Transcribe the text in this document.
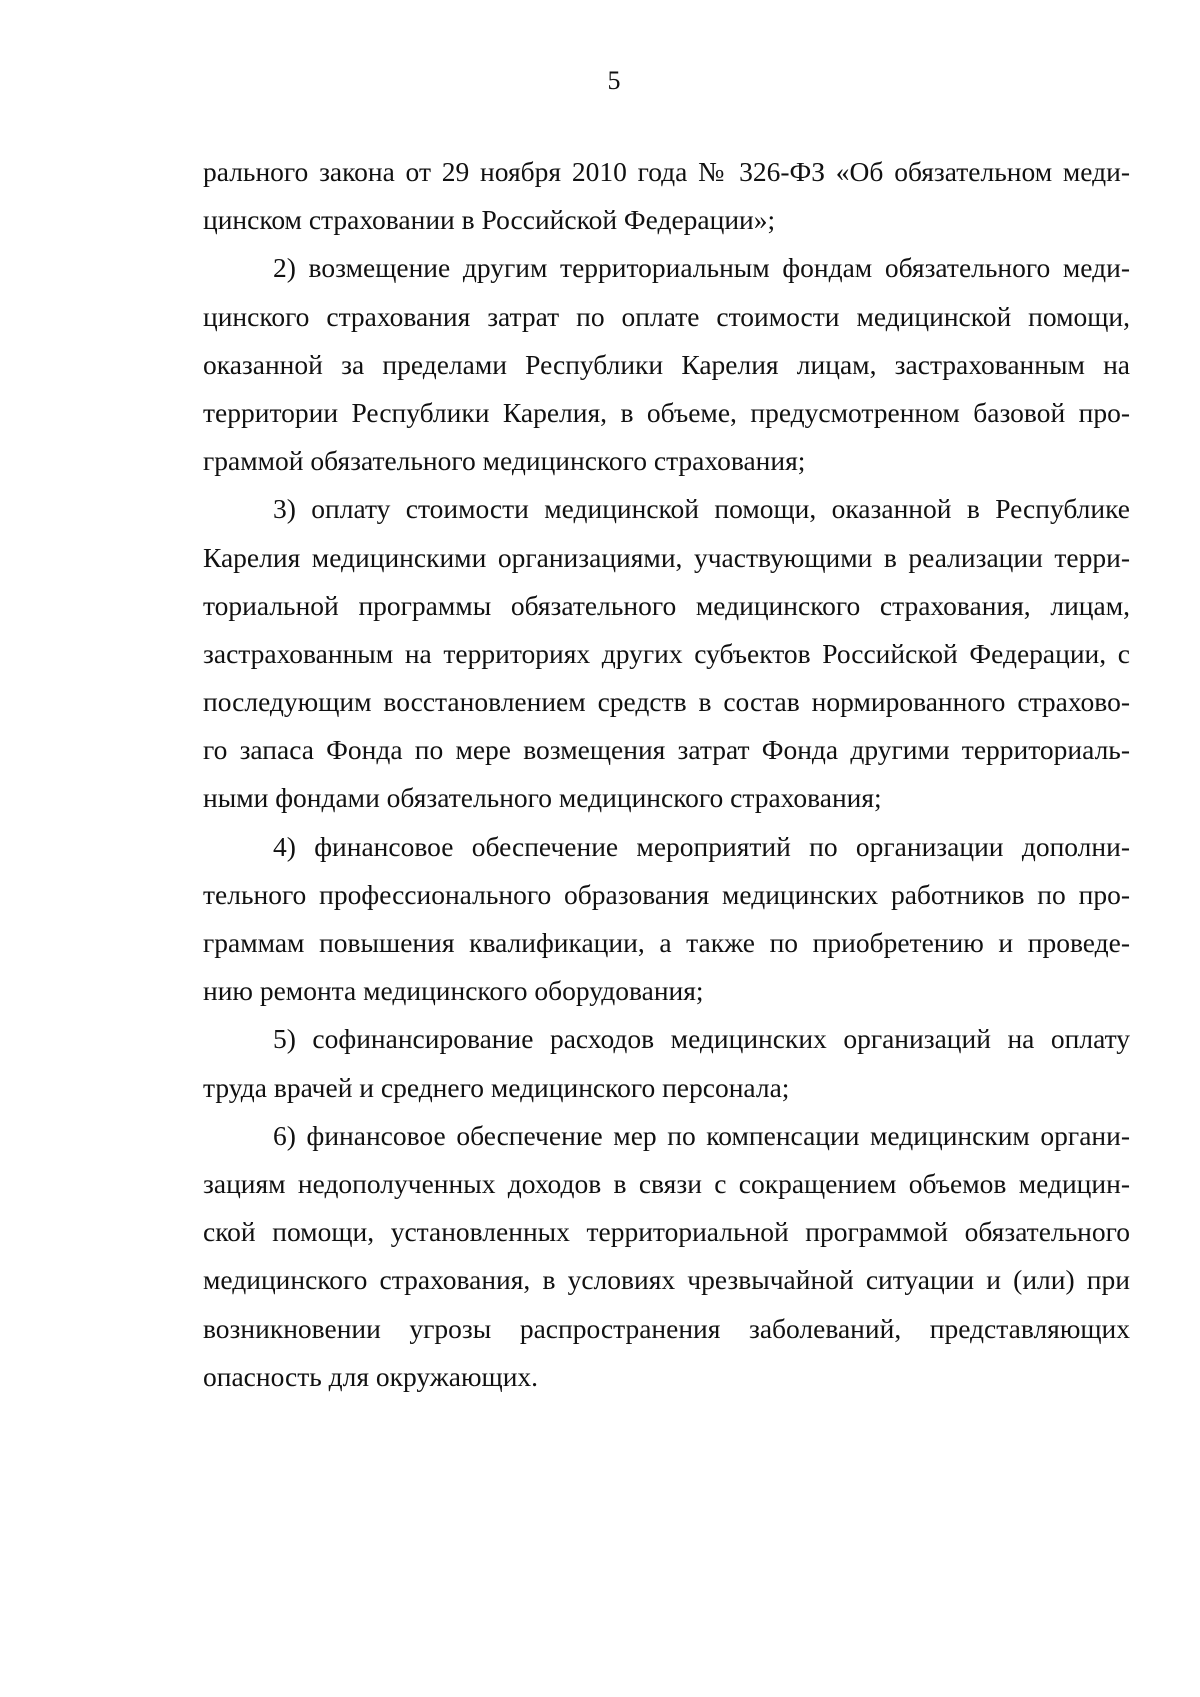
5
рального закона от 29 ноября 2010 года № 326-ФЗ «Об обязательном меди-
цинском страховании в Российской Федерации»;
2) возмещение другим территориальным фондам обязательного меди-
цинского страхования затрат по оплате стоимости медицинской помощи,
оказанной за пределами Республики Карелия лицам, застрахованным на
территории Республики Карелия, в объеме, предусмотренном базовой про-
граммой обязательного медицинского страхования;
3) оплату стоимости медицинской помощи, оказанной в Республике
Карелия медицинскими организациями, участвующими в реализации терри-
ториальной программы обязательного медицинского страхования, лицам,
застрахованным на территориях других субъектов Российской Федерации, с
последующим восстановлением средств в состав нормированного страхово-
го запаса Фонда по мере возмещения затрат Фонда другими территориаль-
ными фондами обязательного медицинского страхования;
4) финансовое обеспечение мероприятий по организации дополни-
тельного профессионального образования медицинских работников по про-
граммам повышения квалификации, а также по приобретению и проведе-
нию ремонта медицинского оборудования;
5) софинансирование расходов медицинских организаций на оплату
труда врачей и среднего медицинского персонала;
6) финансовое обеспечение мер по компенсации медицинским органи-
зациям недополученных доходов в связи с сокращением объемов медицин-
ской помощи, установленных территориальной программой обязательного
медицинского страхования, в условиях чрезвычайной ситуации и (или) при
возникновении угрозы распространения заболеваний, представляющих
опасность для окружающих.
